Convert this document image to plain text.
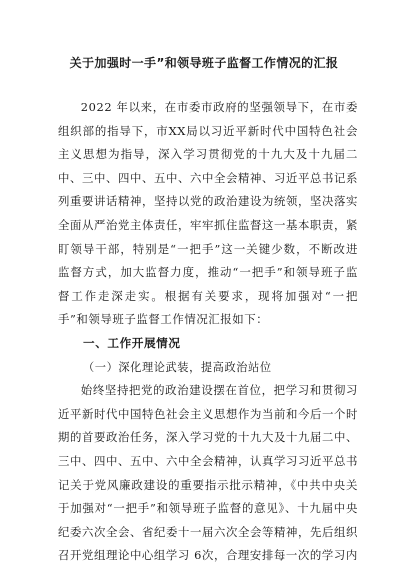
关于加强时一手”和领导班子监督工作情况的汇报

2022 年以来，在市委市政府的坚强领导下，在市委组织部的指导下，市XX局以习近平新时代中国特色社会主义思想为指导，深入学习贯彻党的十九大及十九届二中、三中、四中、五中、六中全会精神、习近平总书记系列重要讲话精神，坚持以党的政治建设为统领，坚决落实全面从严治党主体责任，牢牢抓住监督这一基本职责，紧盯领导干部，特别是“一把手”这一关键少数，不断改进监督方式，加大监督力度，推动“一把手”和领导班子监督工作走深走实。根据有关要求，现将加强对“一把手”和领导班子监督工作情况汇报如下：

一、工作开展情况

（一）深化理论武装，提高政治站位

始终坚持把党的政治建设摆在首位，把学习和贯彻习近平新时代中国特色社会主义思想作为当前和今后一个时期的首要政治任务，深入学习党的十九大及十九届二中、三中、四中、五中、六中全会精神，认真学习习近平总书记关于党风廉政建设的重要指示批示精神，《中共中央关于加强对“一把手”和领导班子监督的意见》、十九届中央纪委六次全会、省纪委十一届六次全会等精神，先后组织召开党组理论中心组学习 6次，合理安排每一次的学习内
